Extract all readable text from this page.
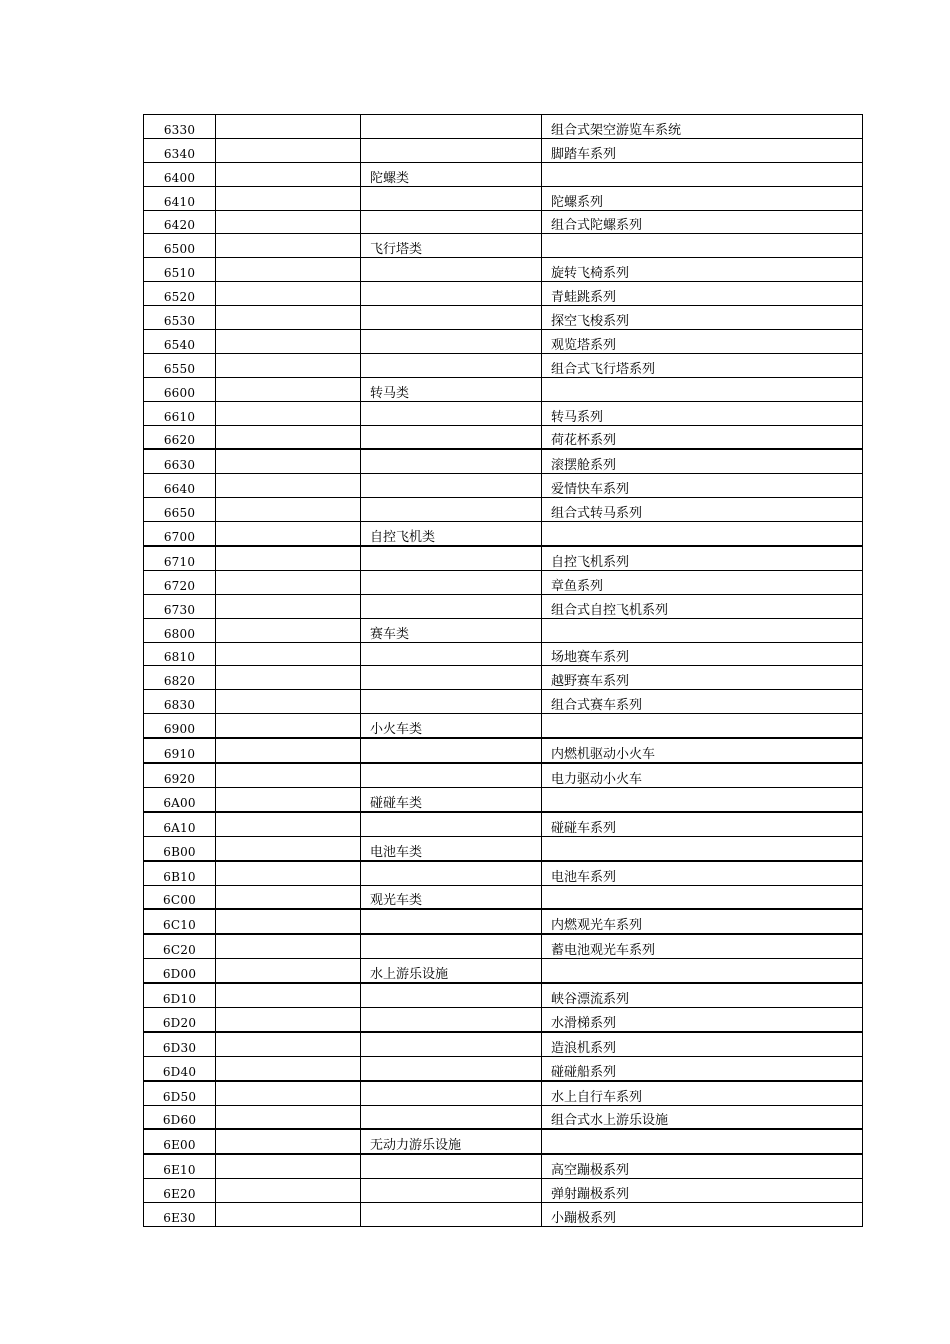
6330			组合式架空游览车系统
6340			脚踏车系列
6400		陀螺类	
6410			陀螺系列
6420			组合式陀螺系列
6500		飞行塔类	
6510			旋转飞椅系列
6520			青蛙跳系列
6530			探空飞梭系列
6540			观览塔系列
6550			组合式飞行塔系列
6600		转马类	
6610			转马系列
6620			荷花杯系列
6630			滚摆舱系列
6640			爱情快车系列
6650			组合式转马系列
6700		自控飞机类	
6710			自控飞机系列
6720			章鱼系列
6730			组合式自控飞机系列
6800		赛车类	
6810			场地赛车系列
6820			越野赛车系列
6830			组合式赛车系列
6900		小火车类	
6910			内燃机驱动小火车
6920			电力驱动小火车
6A00		碰碰车类	
6A10			碰碰车系列
6B00		电池车类	
6B10			电池车系列
6C00		观光车类	
6C10			内燃观光车系列
6C20			蓄电池观光车系列
6D00		水上游乐设施	
6D10			峡谷漂流系列
6D20			水滑梯系列
6D30			造浪机系列
6D40			碰碰船系列
6D50			水上自行车系列
6D60			组合式水上游乐设施
6E00		无动力游乐设施	
6E10			高空蹦极系列
6E20			弹射蹦极系列
6E30			小蹦极系列
